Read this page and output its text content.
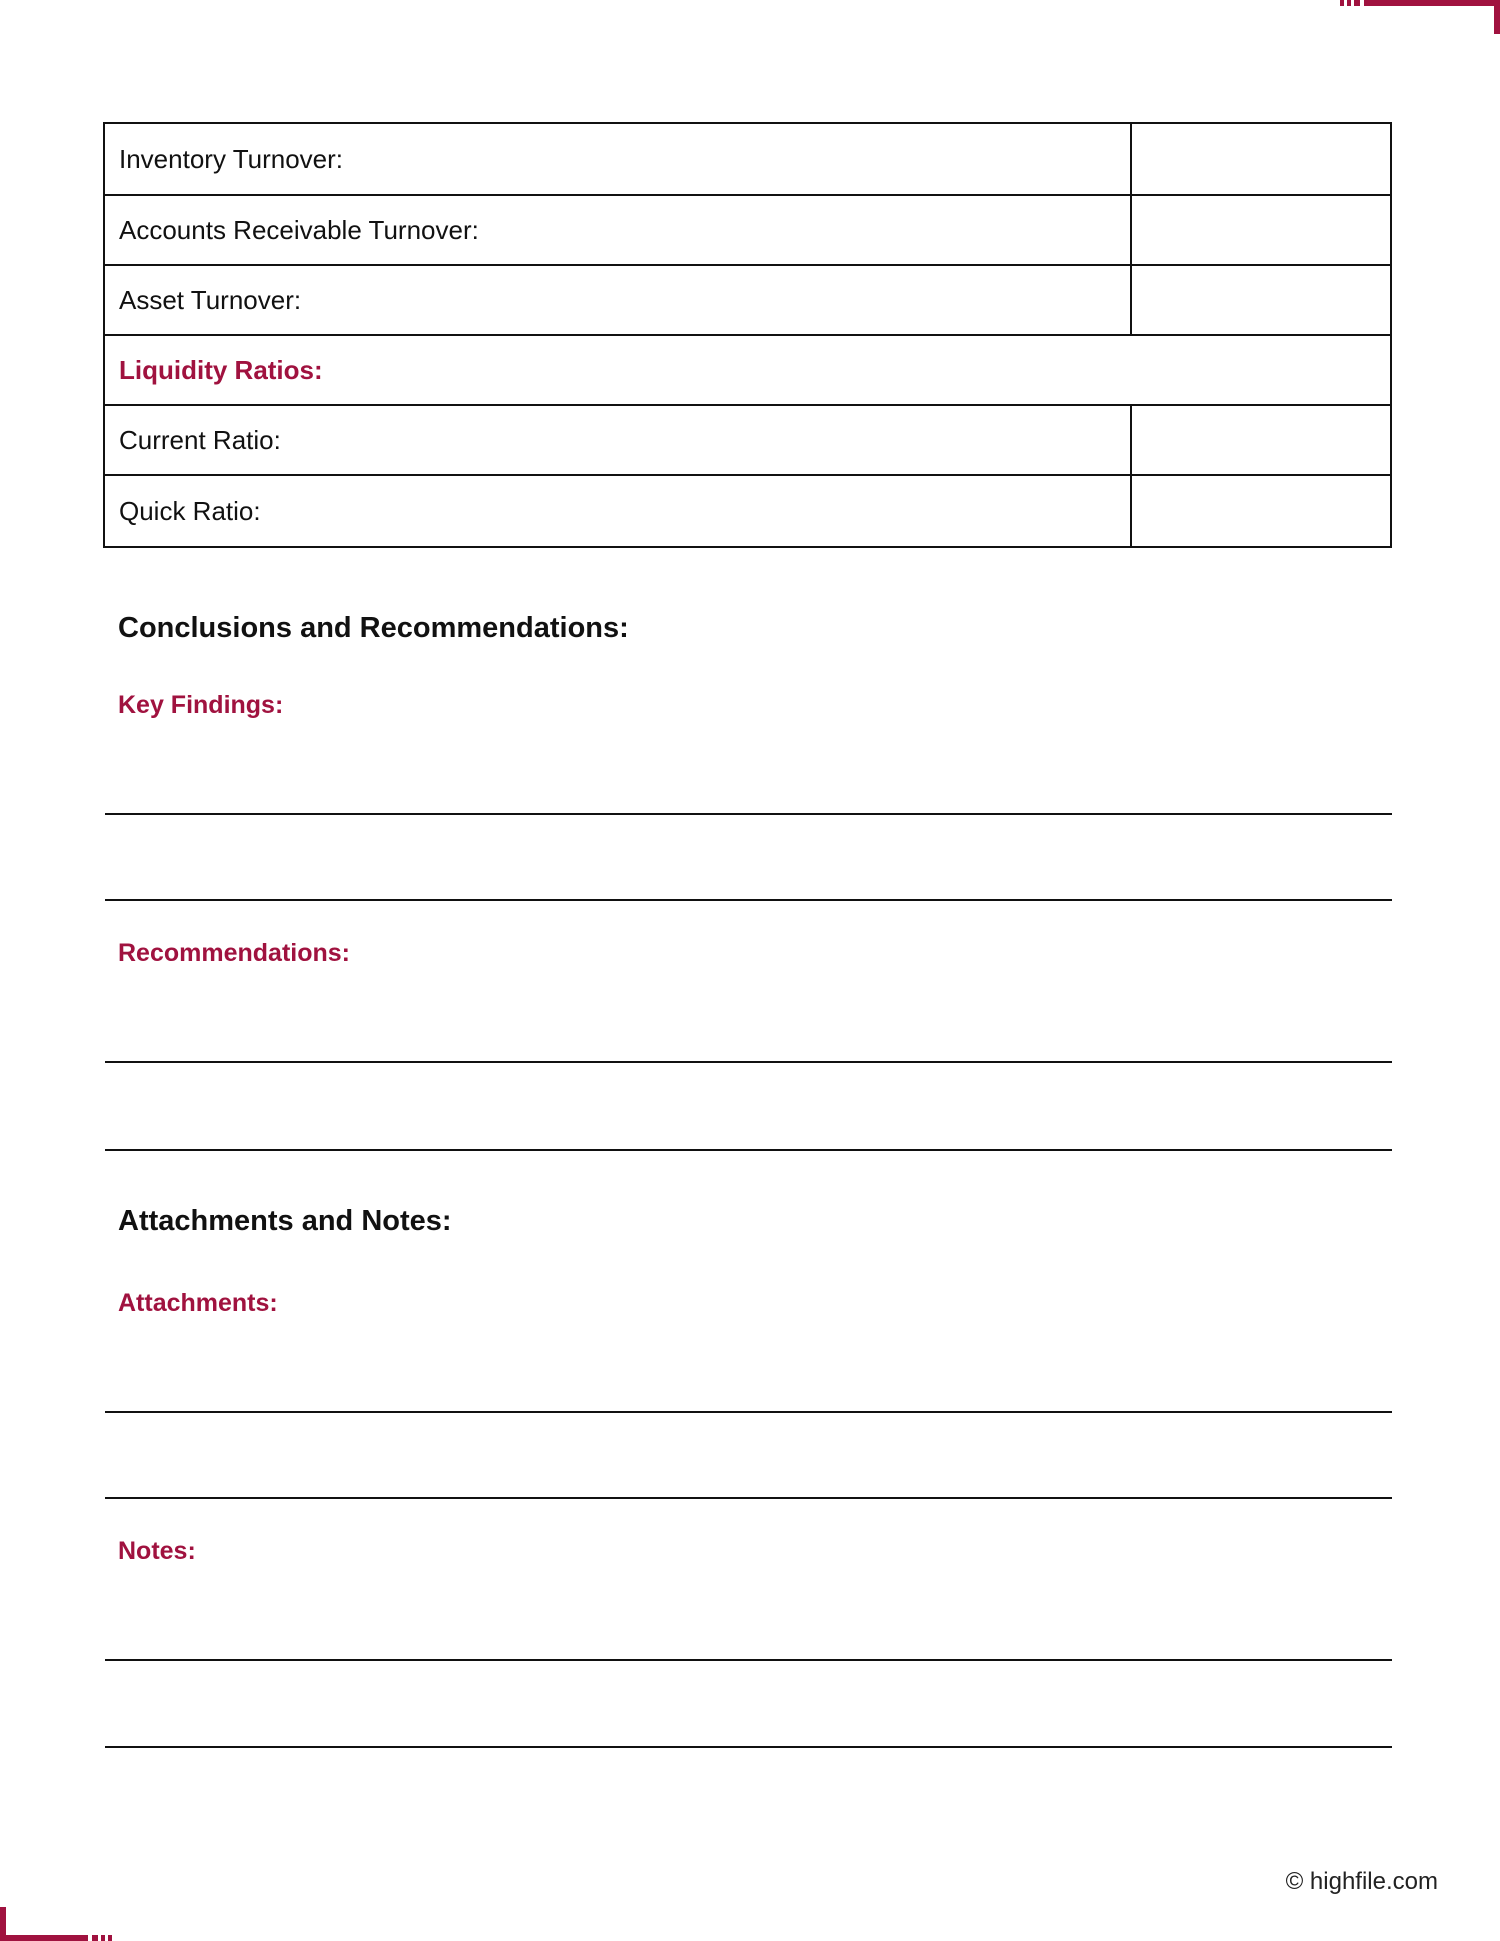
Inventory Turnover:	
Accounts Receivable Turnover:	
Asset Turnover:	
Liquidity Ratios:	
Current Ratio:	
Quick Ratio:	
Conclusions and Recommendations:
Key Findings:
Recommendations:
Attachments and Notes:
Attachments:
Notes:
© highfile.com
